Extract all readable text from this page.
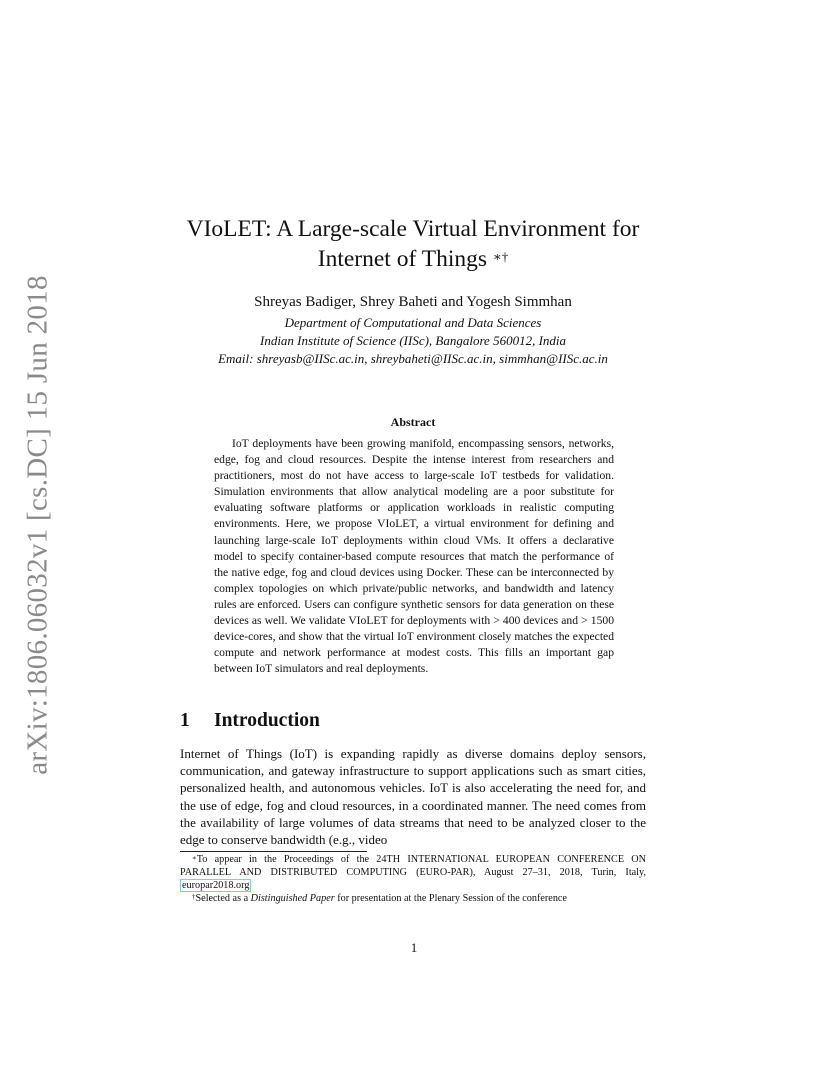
arXiv:1806.06032v1 [cs.DC] 15 Jun 2018
VIoLET: A Large-scale Virtual Environment for
Internet of Things ∗†
Shreyas Badiger, Shrey Baheti and Yogesh Simmhan
Department of Computational and Data Sciences
Indian Institute of Science (IISc), Bangalore 560012, India
Email: shreyasb@IISc.ac.in, shreybaheti@IISc.ac.in, simmhan@IISc.ac.in
Abstract
IoT deployments have been growing manifold, encompassing sensors, networks, edge, fog and cloud resources. Despite the intense interest from researchers and practitioners, most do not have access to large-scale IoT testbeds for validation. Simulation environments that allow analytical modeling are a poor substitute for evaluating software platforms or application workloads in realistic computing environments. Here, we propose VIoLET, a virtual environment for defining and launching large-scale IoT deployments within cloud VMs. It offers a declarative model to specify container-based compute resources that match the performance of the native edge, fog and cloud devices using Docker. These can be interconnected by complex topologies on which private/public networks, and bandwidth and latency rules are enforced. Users can configure synthetic sensors for data generation on these devices as well. We validate VIoLET for deployments with > 400 devices and > 1500 device-cores, and show that the virtual IoT environment closely matches the expected compute and network performance at modest costs. This fills an important gap between IoT simulators and real deployments.
1 Introduction
Internet of Things (IoT) is expanding rapidly as diverse domains deploy sensors, communication, and gateway infrastructure to support applications such as smart cities, personalized health, and autonomous vehicles. IoT is also accelerating the need for, and the use of edge, fog and cloud resources, in a coordinated manner. The need comes from the availability of large volumes of data streams that need to be analyzed closer to the edge to conserve bandwidth (e.g., video

∗To appear in the Proceedings of the 24TH INTERNATIONAL EUROPEAN CONFERENCE ON PARALLEL AND DISTRIBUTED COMPUTING (EURO-PAR), August 27–31, 2018, Turin, Italy, europar2018.org

†Selected as a Distinguished Paper for presentation at the Plenary Session of the conference

1
